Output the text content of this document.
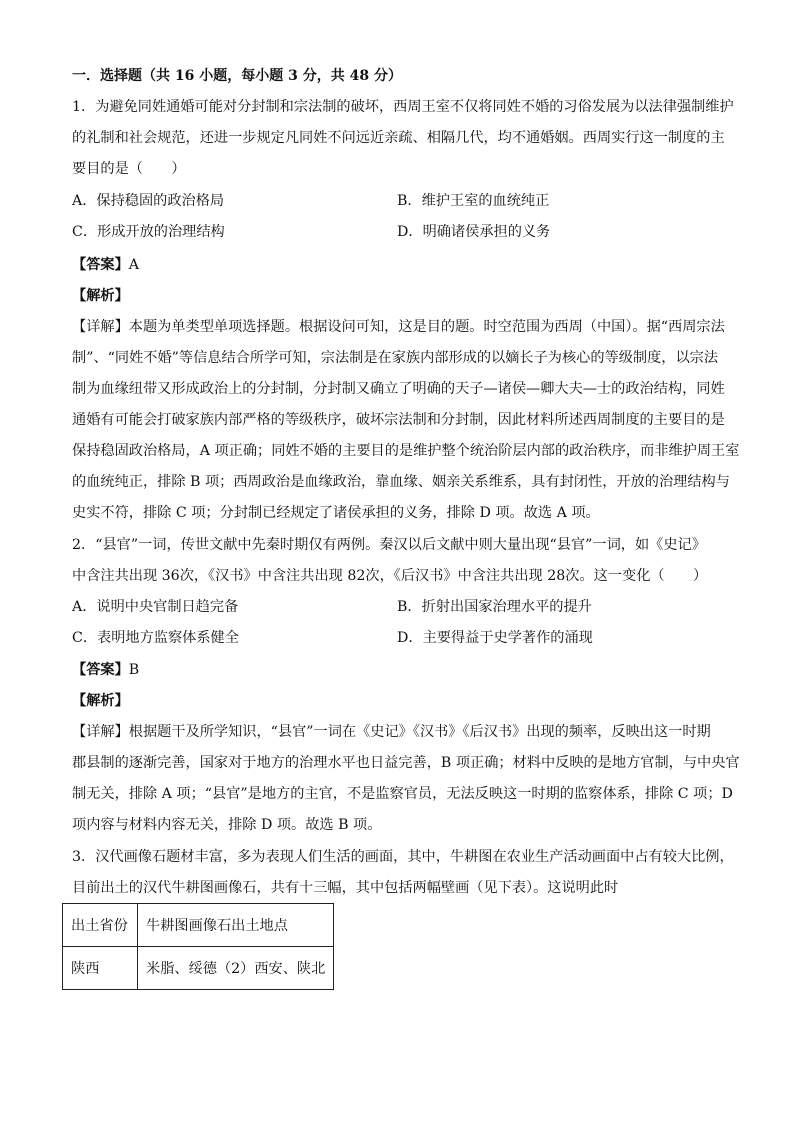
一．选择题（共 16 小题，每小题 3 分，共 48 分）
1．为避免同姓通婚可能对分封制和宗法制的破坏，西周王室不仅将同姓不婚的习俗发展为以法律强制维护
的礼制和社会规范，还进一步规定凡同姓不问远近亲疏、相隔几代，均不通婚姻。西周实行这一制度的主
要目的是（　　）
A．保持稳固的政治格局	B．维护王室的血统纯正
C．形成开放的治理结构	D．明确诸侯承担的义务
【答案】A
【解析】
【详解】本题为单类型单项选择题。根据设问可知，这是目的题。时空范围为西周（中国）。据“西周宗法
制”、“同姓不婚”等信息结合所学可知，宗法制是在家族内部形成的以嫡长子为核心的等级制度，以宗法
制为血缘纽带又形成政治上的分封制，分封制又确立了明确的天子—诸侯—卿大夫—士的政治结构，同姓
通婚有可能会打破家族内部严格的等级秩序，破坏宗法制和分封制，因此材料所述西周制度的主要目的是
保持稳固政治格局，A 项正确；同姓不婚的主要目的是维护整个统治阶层内部的政治秩序，而非维护周王室
的血统纯正，排除 B 项；西周政治是血缘政治，靠血缘、姻亲关系维系，具有封闭性，开放的治理结构与
史实不符，排除 C 项；分封制已经规定了诸侯承担的义务，排除 D 项。故选 A 项。
2．“县官”一词，传世文献中先秦时期仅有两例。秦汉以后文献中则大量出现“县官”一词，如《史记》
中含注共出现 36次，《汉书》中含注共出现 82次，《后汉书》中含注共出现 28次。这一变化（　　）
A．说明中央官制日趋完备	B．折射出国家治理水平的提升
C．表明地方监察体系健全	D．主要得益于史学著作的涌现
【答案】B
【解析】
【详解】根据题干及所学知识，“县官”一词在《史记》《汉书》《后汉书》出现的频率，反映出这一时期
郡县制的逐渐完善，国家对于地方的治理水平也日益完善，B 项正确；材料中反映的是地方官制，与中央官
制无关，排除 A 项；“县官”是地方的主官，不是监察官员，无法反映这一时期的监察体系，排除 C 项；D
项内容与材料内容无关，排除 D 项。故选 B 项。
3．汉代画像石题材丰富，多为表现人们生活的画面，其中，牛耕图在农业生产活动画面中占有较大比例，
目前出土的汉代牛耕图画像石，共有十三幅，其中包括两幅壁画（见下表）。这说明此时
出土省份	牛耕图画像石出土地点
陕西	米脂、绥德（2）西安、陕北
